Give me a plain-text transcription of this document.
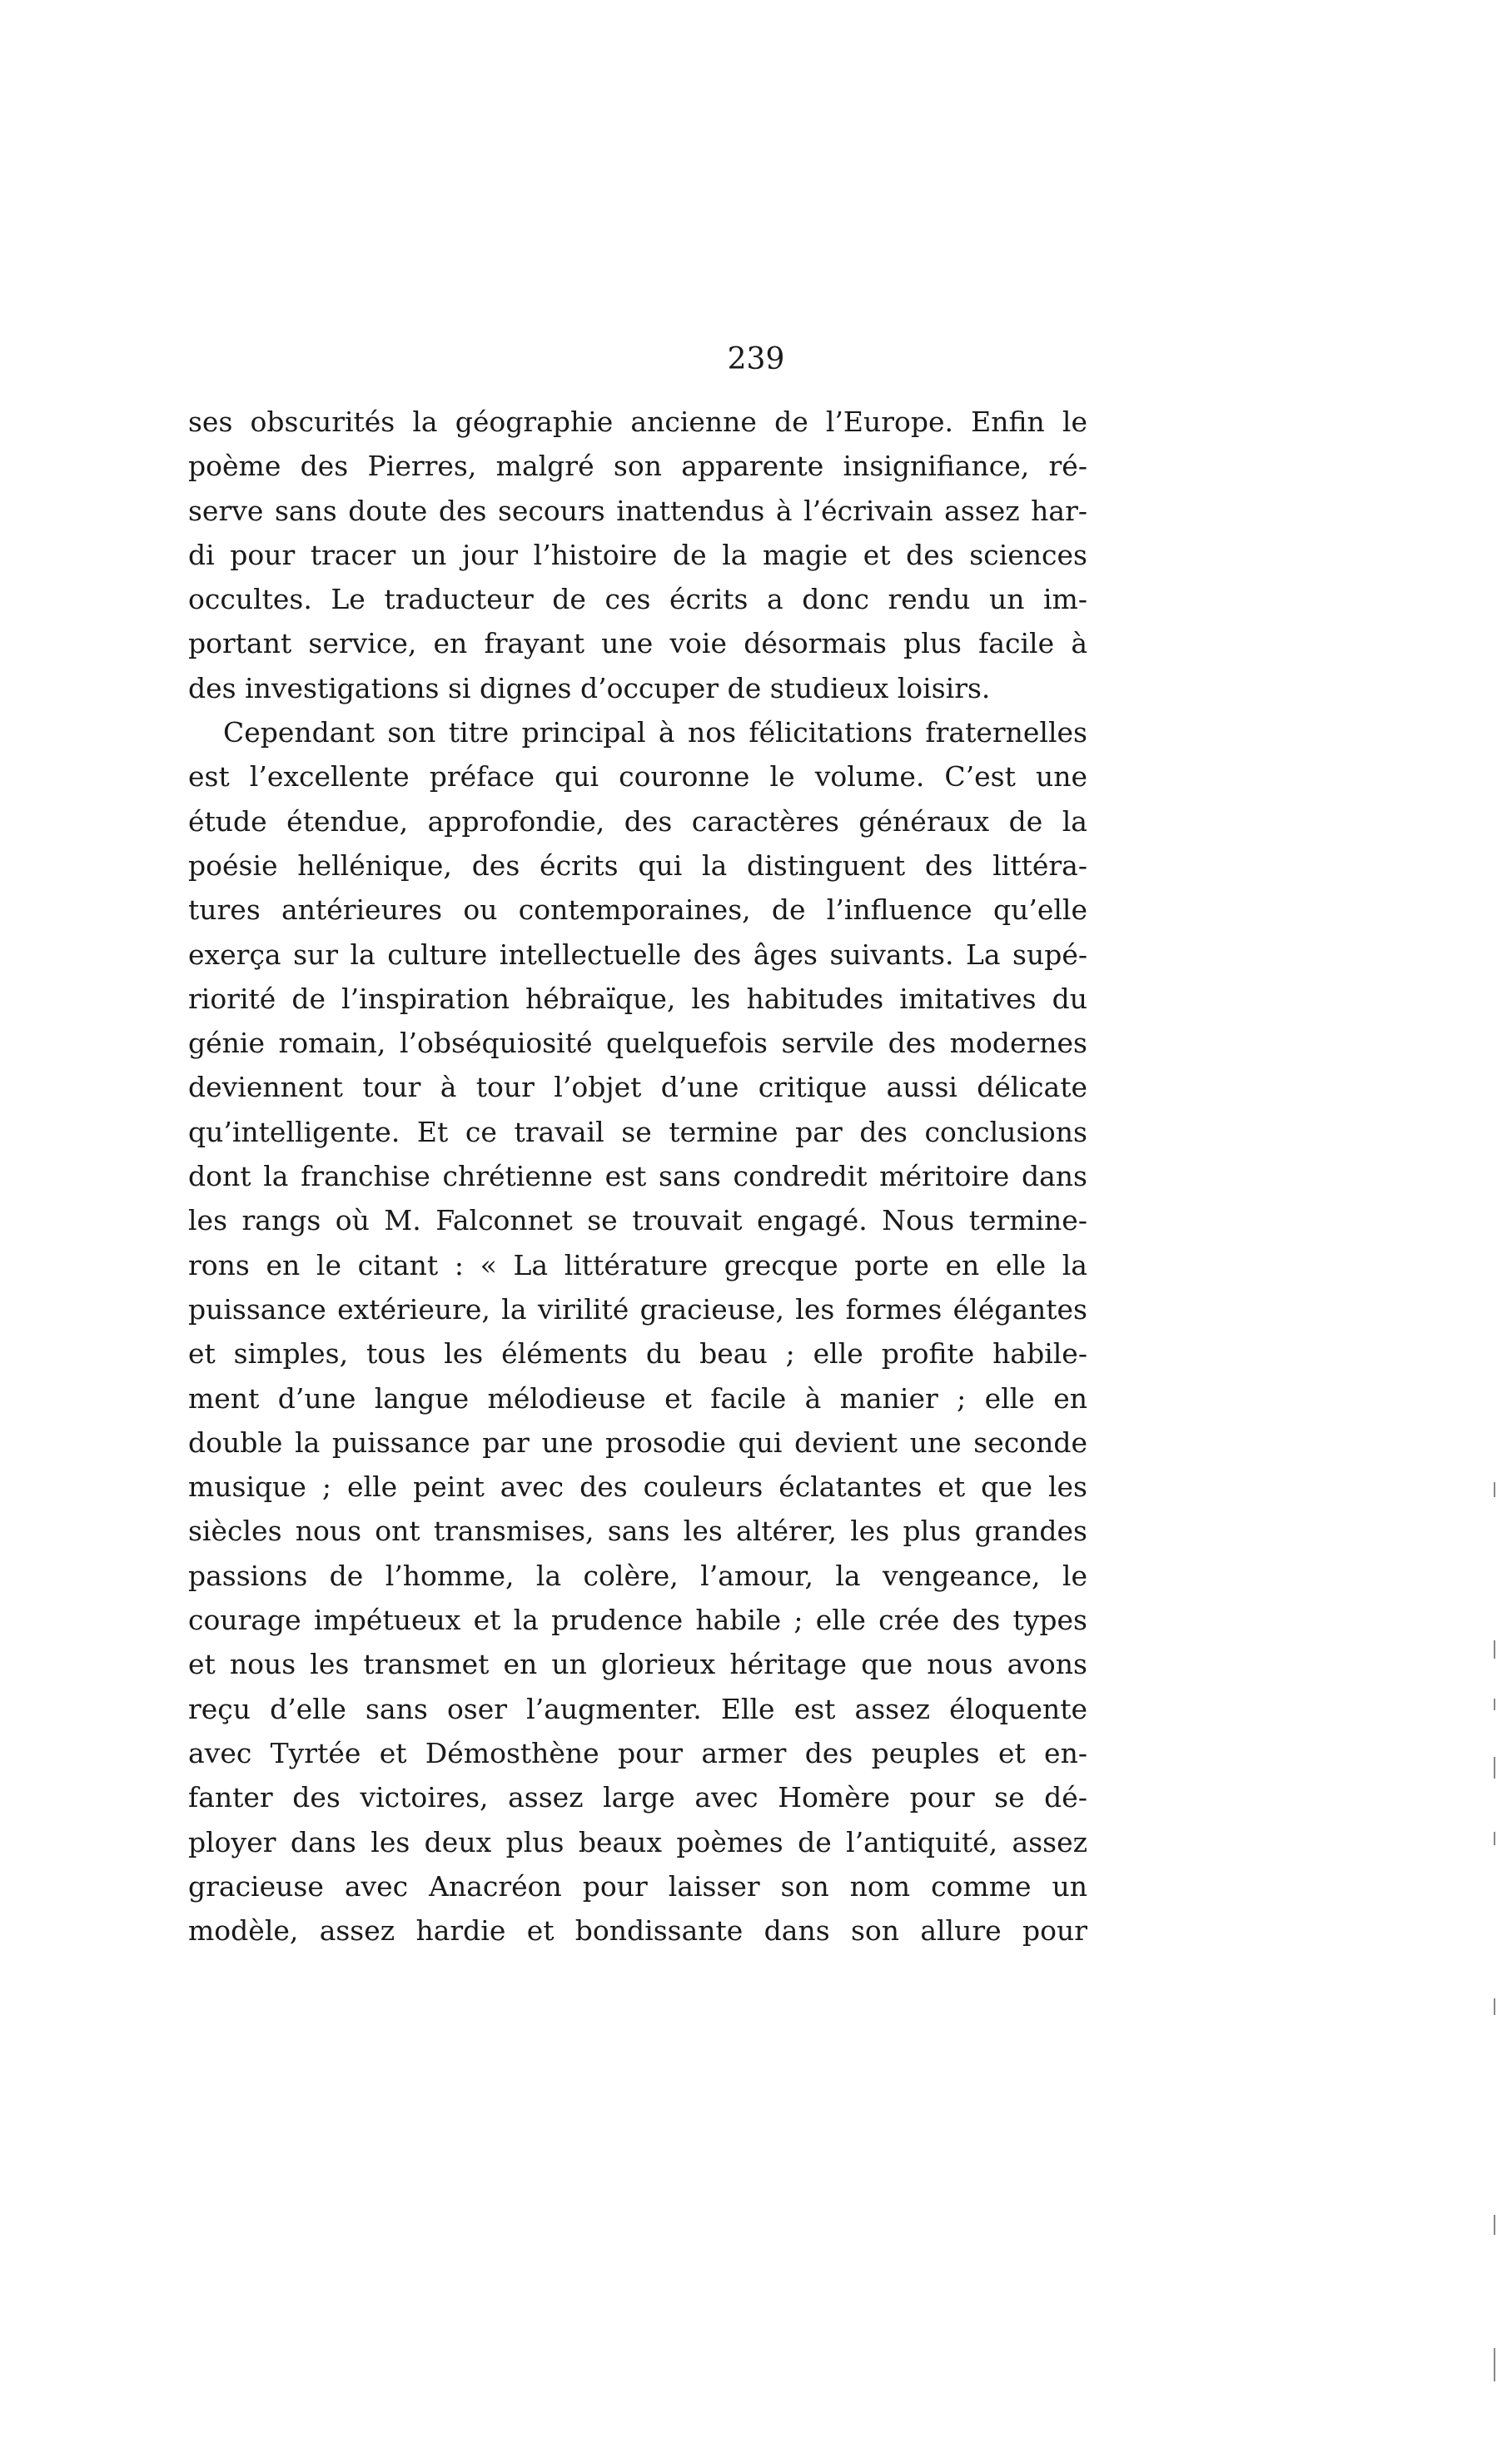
239
ses obscurités la géographie ancienne de l’Europe. Enfin le
poème des Pierres, malgré son apparente insignifiance, ré-
serve sans doute des secours inattendus à l’écrivain assez har-
di pour tracer un jour l’histoire de la magie et des sciences
occultes. Le traducteur de ces écrits a donc rendu un im-
portant service, en frayant une voie désormais plus facile à
des investigations si dignes d’occuper de studieux loisirs.
Cependant son titre principal à nos félicitations fraternelles
est l’excellente préface qui couronne le volume. C’est une
étude étendue, approfondie, des caractères généraux de la
poésie hellénique, des écrits qui la distinguent des littéra-
tures antérieures ou contemporaines, de l’influence qu’elle
exerça sur la culture intellectuelle des âges suivants. La supé-
riorité de l’inspiration hébraïque, les habitudes imitatives du
génie romain, l’obséquiosité quelquefois servile des modernes
deviennent tour à tour l’objet d’une critique aussi délicate
qu’intelligente. Et ce travail se termine par des conclusions
dont la franchise chrétienne est sans condredit méritoire dans
les rangs où M. Falconnet se trouvait engagé. Nous termine-
rons en le citant : « La littérature grecque porte en elle la
puissance extérieure, la virilité gracieuse, les formes élégantes
et simples, tous les éléments du beau ; elle profite habile-
ment d’une langue mélodieuse et facile à manier ; elle en
double la puissance par une prosodie qui devient une seconde
musique ; elle peint avec des couleurs éclatantes et que les
siècles nous ont transmises, sans les altérer, les plus grandes
passions de l’homme, la colère, l’amour, la vengeance, le
courage impétueux et la prudence habile ; elle crée des types
et nous les transmet en un glorieux héritage que nous avons
reçu d’elle sans oser l’augmenter. Elle est assez éloquente
avec Tyrtée et Démosthène pour armer des peuples et en-
fanter des victoires, assez large avec Homère pour se dé-
ployer dans les deux plus beaux poèmes de l’antiquité, assez
gracieuse avec Anacréon pour laisser son nom comme un
modèle, assez hardie et bondissante dans son allure pour
